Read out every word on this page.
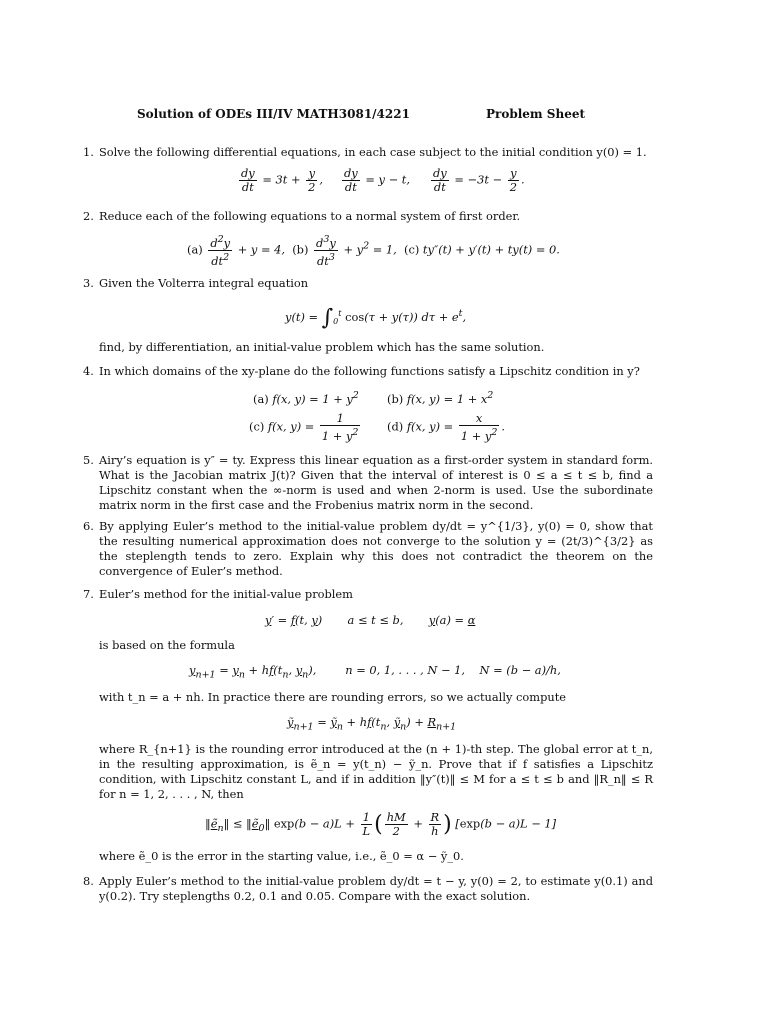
Solution of ODEs III/IV MATH3081/4221	Problem Sheet
1. Solve the following differential equations, in each case subject to the initial condition y(0) = 1.
$\frac{dy}{dt} = 3t + \frac{y}{2}$ , $\frac{dy}{dt} = y - t$, $\frac{dy}{dt} = -3t - \frac{y}{2}$ .
2. Reduce each of the following equations to a normal system of first order.
$(a) \frac{d^2y}{dt^2} + y = 4$,  $(b) \frac{d^3y}{dt^3} + y^2 = 1$,  (c) ty″(t) + y′(t) + ty(t) = 0.
3. Given the Volterra integral equation
$y(t) = \int_0^t$ cos(τ + y(τ)) $d\tau + e^t$,
find, by differentiation, an initial-value problem which has the same solution.
4. In which domains of the xy-plane do the following functions satisfy a Lipschitz condition in y?
(a) f(x, $y) = 1 + y^2$ (b) f(x, $y) = 1 + x^2$
(c) f(x, $y) = \frac{1}{1 + y^2} (d)$ f(x, $y) = \frac{x}{1 + y^2}$ .
5. Airy’s equation is y″ = ty. Express this linear equation as a first-order system in standard form. What is the Jacobian matrix J(t)? Given that the interval of interest is 0 ≤ a ≤ t ≤ b, find a Lipschitz constant when the ∞-norm is used and when 2-norm is used. Use the subordinate matrix norm in the first case and the Frobenius matrix norm in the second.
6. By applying Euler’s method to the initial-value problem dy/dt = y^{1/3}, y(0) = 0, show that the resulting numerical approximation does not converge to the solution y = (2t/3)^{3/2} as the steplength tends to zero. Explain why this does not contradict the theorem on the convergence of Euler’s method.
7. Euler’s method for the initial-value problem
y′ = f(t, y)       a ≤ t ≤ b,       y(a) = α
is based on the formula
$y_{n+1} = y_n + hf(t_n$, $y_n$),        n = 0, 1, . . . , N − 1,    N = (b − a)/h,
with t_n = a + nh. In practice there are rounding errors, so we actually compute
ỹ$_{n+1}$ = ỹ$_n$ + $hf(t_n$, ỹ$_n$) + $R_{n+1}$
where R_{n+1} is the rounding error introduced at the (n + 1)-th step. The global error at t_n, in the resulting approximation, is ẽ_n = y(t_n) − ỹ_n. Prove that if f satisfies a Lipschitz condition, with Lipschitz constant L, and if in addition ‖y″(t)‖ ≤ M for a ≤ t ≤ b and ‖R_n‖ ≤ R for n = 1, 2, . . . , N, then
‖ẽ$_n$‖ ≤ ‖ẽ$_0$‖ $\exp(b - a)L + \frac{1}{L}$ ( $\frac{hM}{2} + \frac{R}{h}$ ) [exp(b − a)L − 1]
where ẽ_0 is the error in the starting value, i.e., ẽ_0 = α − ỹ_0.
8. Apply Euler’s method to the initial-value problem dy/dt = t − y, y(0) = 2, to estimate y(0.1) and y(0.2). Try steplengths 0.2, 0.1 and 0.05. Compare with the exact solution.
